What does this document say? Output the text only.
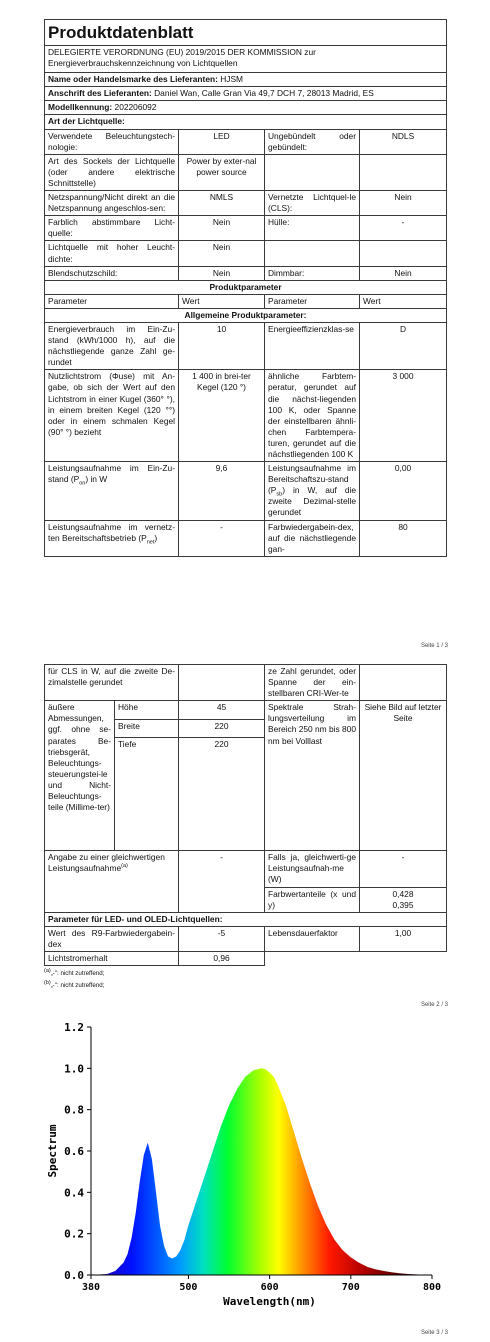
Produktdatenblatt			
DELEGIERTE VERORDNUNG (EU) 2019/2015 DER KOMMISSION zur Energieverbrauchskennzeichnung von Lichtquellen			
Name oder Handelsmarke des Lieferanten: HJSM			
Anschrift des Lieferanten: Daniel Wan, Calle Gran Via 49,7 DCH 7, 28013 Madrid, ES			
Modellkennung: 202206092			
Art der Lichtquelle:			
Verwendete Beleuchtungstech-nologie:	LED	Ungebündelt oder gebündelt:	NDLS
Art des Sockels der Lichtquelle (oder andere elektrische Schnittstelle)	Power by exter-nal power source		
Netzspannung/Nicht direkt an die Netzspannung angeschlos-sen:	NMLS	Vernetzte Lichtquel-le (CLS):	Nein
Farblich abstimmbare Licht-quelle:	Nein	Hülle:	-
Lichtquelle mit hoher Leucht-dichte:	Nein		
Blendschutzschild:	Nein	Dimmbar:	Nein
Produktparameter			
Parameter	Wert	Parameter	Wert
Allgemeine Produktparameter:			
Energieverbrauch im Ein-Zu-stand (kWh/1000 h), auf die nächstliegende ganze Zahl ge-rundet	10	Energieeffizienzklas-se	D
Nutzlichtstrom (Φuse) mit An-gabe, ob sich der Wert auf den Lichtstrom in einer Kugel (360° °), in einem breiten Kegel (120 °°) oder in einem schmalen Kegel (90° °) bezieht	1 400 in brei-ter Kegel (120 °)	ähnliche Farbtem-peratur, gerundet auf die nächst-liegenden 100 K, oder Spanne der einstellbaren ähnli-chen Farbtempera-turen, gerundet auf die nächstliegenden 100 K	3 000
Leistungsaufnahme im Ein-Zu-stand $(P_{on})$ in W	9,6	Leistungsaufnahme im Bereitschaftszu-stand $(P_{sb})$ in W, auf die zweite Dezimal-stelle gerundet	0,00
Leistungsaufnahme im vernetz-ten Bereitschaftsbetrieb $(P_{net})$	-	Farbwiedergabein-dex, auf die nächstliegende gan-	80
Seite 1 / 3
für CLS in W, auf die zweite De-zimalstelle gerundet			ze Zahl gerundet, oder Spanne der ein-stellbaren CRI-Wer-te	
äußere Abmessungen, ggf. ohne se-parates Be-triebsgerät, Beleuchtungs-steuerungstei-le und Nicht-Beleuchtungs-teile (Millime-ter)	Höhe	45	Spektrale Strah-lungsverteilung im Bereich 250 nm bis 800 nm bei Volllast	Siehe Bild auf letzter Seite
	Breite	220		
	Tiefe	220		
Angabe zu einer gleichwertigen Leistungsaufnahme$^{(a)}$		-	Falls ja, gleichwerti-ge Leistungsaufnah-me (W)	-
			Farbwertanteile (x und y)	0,428
0,395

Parameter für LED- und OLED-Lichtquellen:				
Wert des R9-Farbwiedergabein-dex		-5	Lebensdauerfaktor	1,00
Lichtstromerhalt		0,96		
$^{(a)}$„-": nicht zutreffend;
$^{(b)}$„-": nicht zutreffend;
Seite 2 / 3
0.0
0.2
0.4
0.6
0.8
1.0
1.2
380	500	600	700	800
Wavelength(nm)
Spectrum
Seite 3 / 3
